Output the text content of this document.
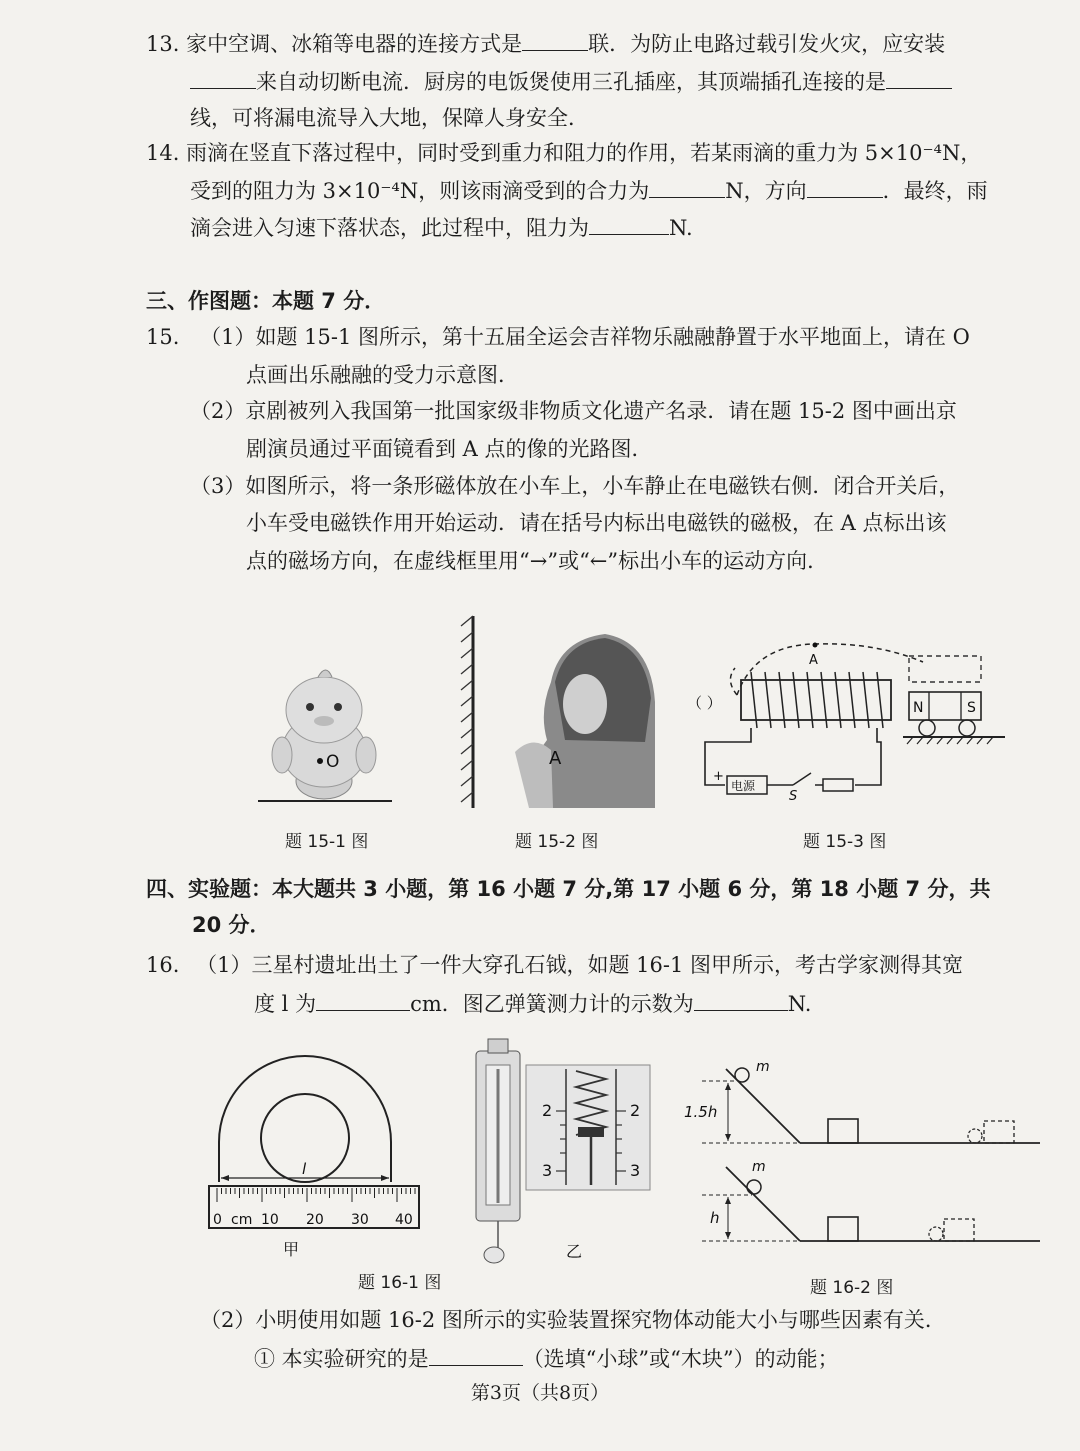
13. 家中空调、冰箱等电器的连接方式是	联．为防止电路过载引发火灾，应安装
来自动切断电流．厨房的电饭煲使用三孔插座，其顶端插孔连接的是
线，可将漏电流导入大地，保障人身安全．
14. 雨滴在竖直下落过程中，同时受到重力和阻力的作用，若某雨滴的重力为 5×10⁻⁴N，
受到的阻力为 3×10⁻⁴N，则该雨滴受到的合力为	N，方向	．最终，雨
滴会进入匀速下落状态，此过程中，阻力为	N.
三、作图题：本题 7 分．
15. （1）如题 15-1 图所示，第十五届全运会吉祥物乐融融静置于水平地面上，请在 O
点画出乐融融的受力示意图．
（2）京剧被列入我国第一批国家级非物质文化遗产名录．请在题 15-2 图中画出京
剧演员通过平面镜看到 A 点的像的光路图．
（3）如图所示，将一条形磁体放在小车上，小车静止在电磁铁右侧．闭合开关后，
小车受电磁铁作用开始运动．请在括号内标出电磁铁的磁极，在 A 点标出该
点的磁场方向，在虚线框里用“→”或“←”标出小车的运动方向．
O
题 15-1 图
A
题 15-2 图
A
（ ）
+
电源
S
N	S
题 15-3 图
四、实验题：本大题共 3 小题，第 16 小题 7 分,第 17 小题 6 分，第 18 小题 7 分，共
20 分．
16. （1）三星村遗址出土了一件大穿孔石钺，如题 16-1 图甲所示，考古学家测得其宽
度 l 为	cm．图乙弹簧测力计的示数为	N.
l
0 cm 10 20 30 40
甲
2	2
3	3
乙
题 16-1 图
m
1.5h
m
h
题 16-2 图
（2）小明使用如题 16-2 图所示的实验装置探究物体动能大小与哪些因素有关．
① 本实验研究的是	（选填“小球”或“木块”）的动能；
第3页（共8页）
